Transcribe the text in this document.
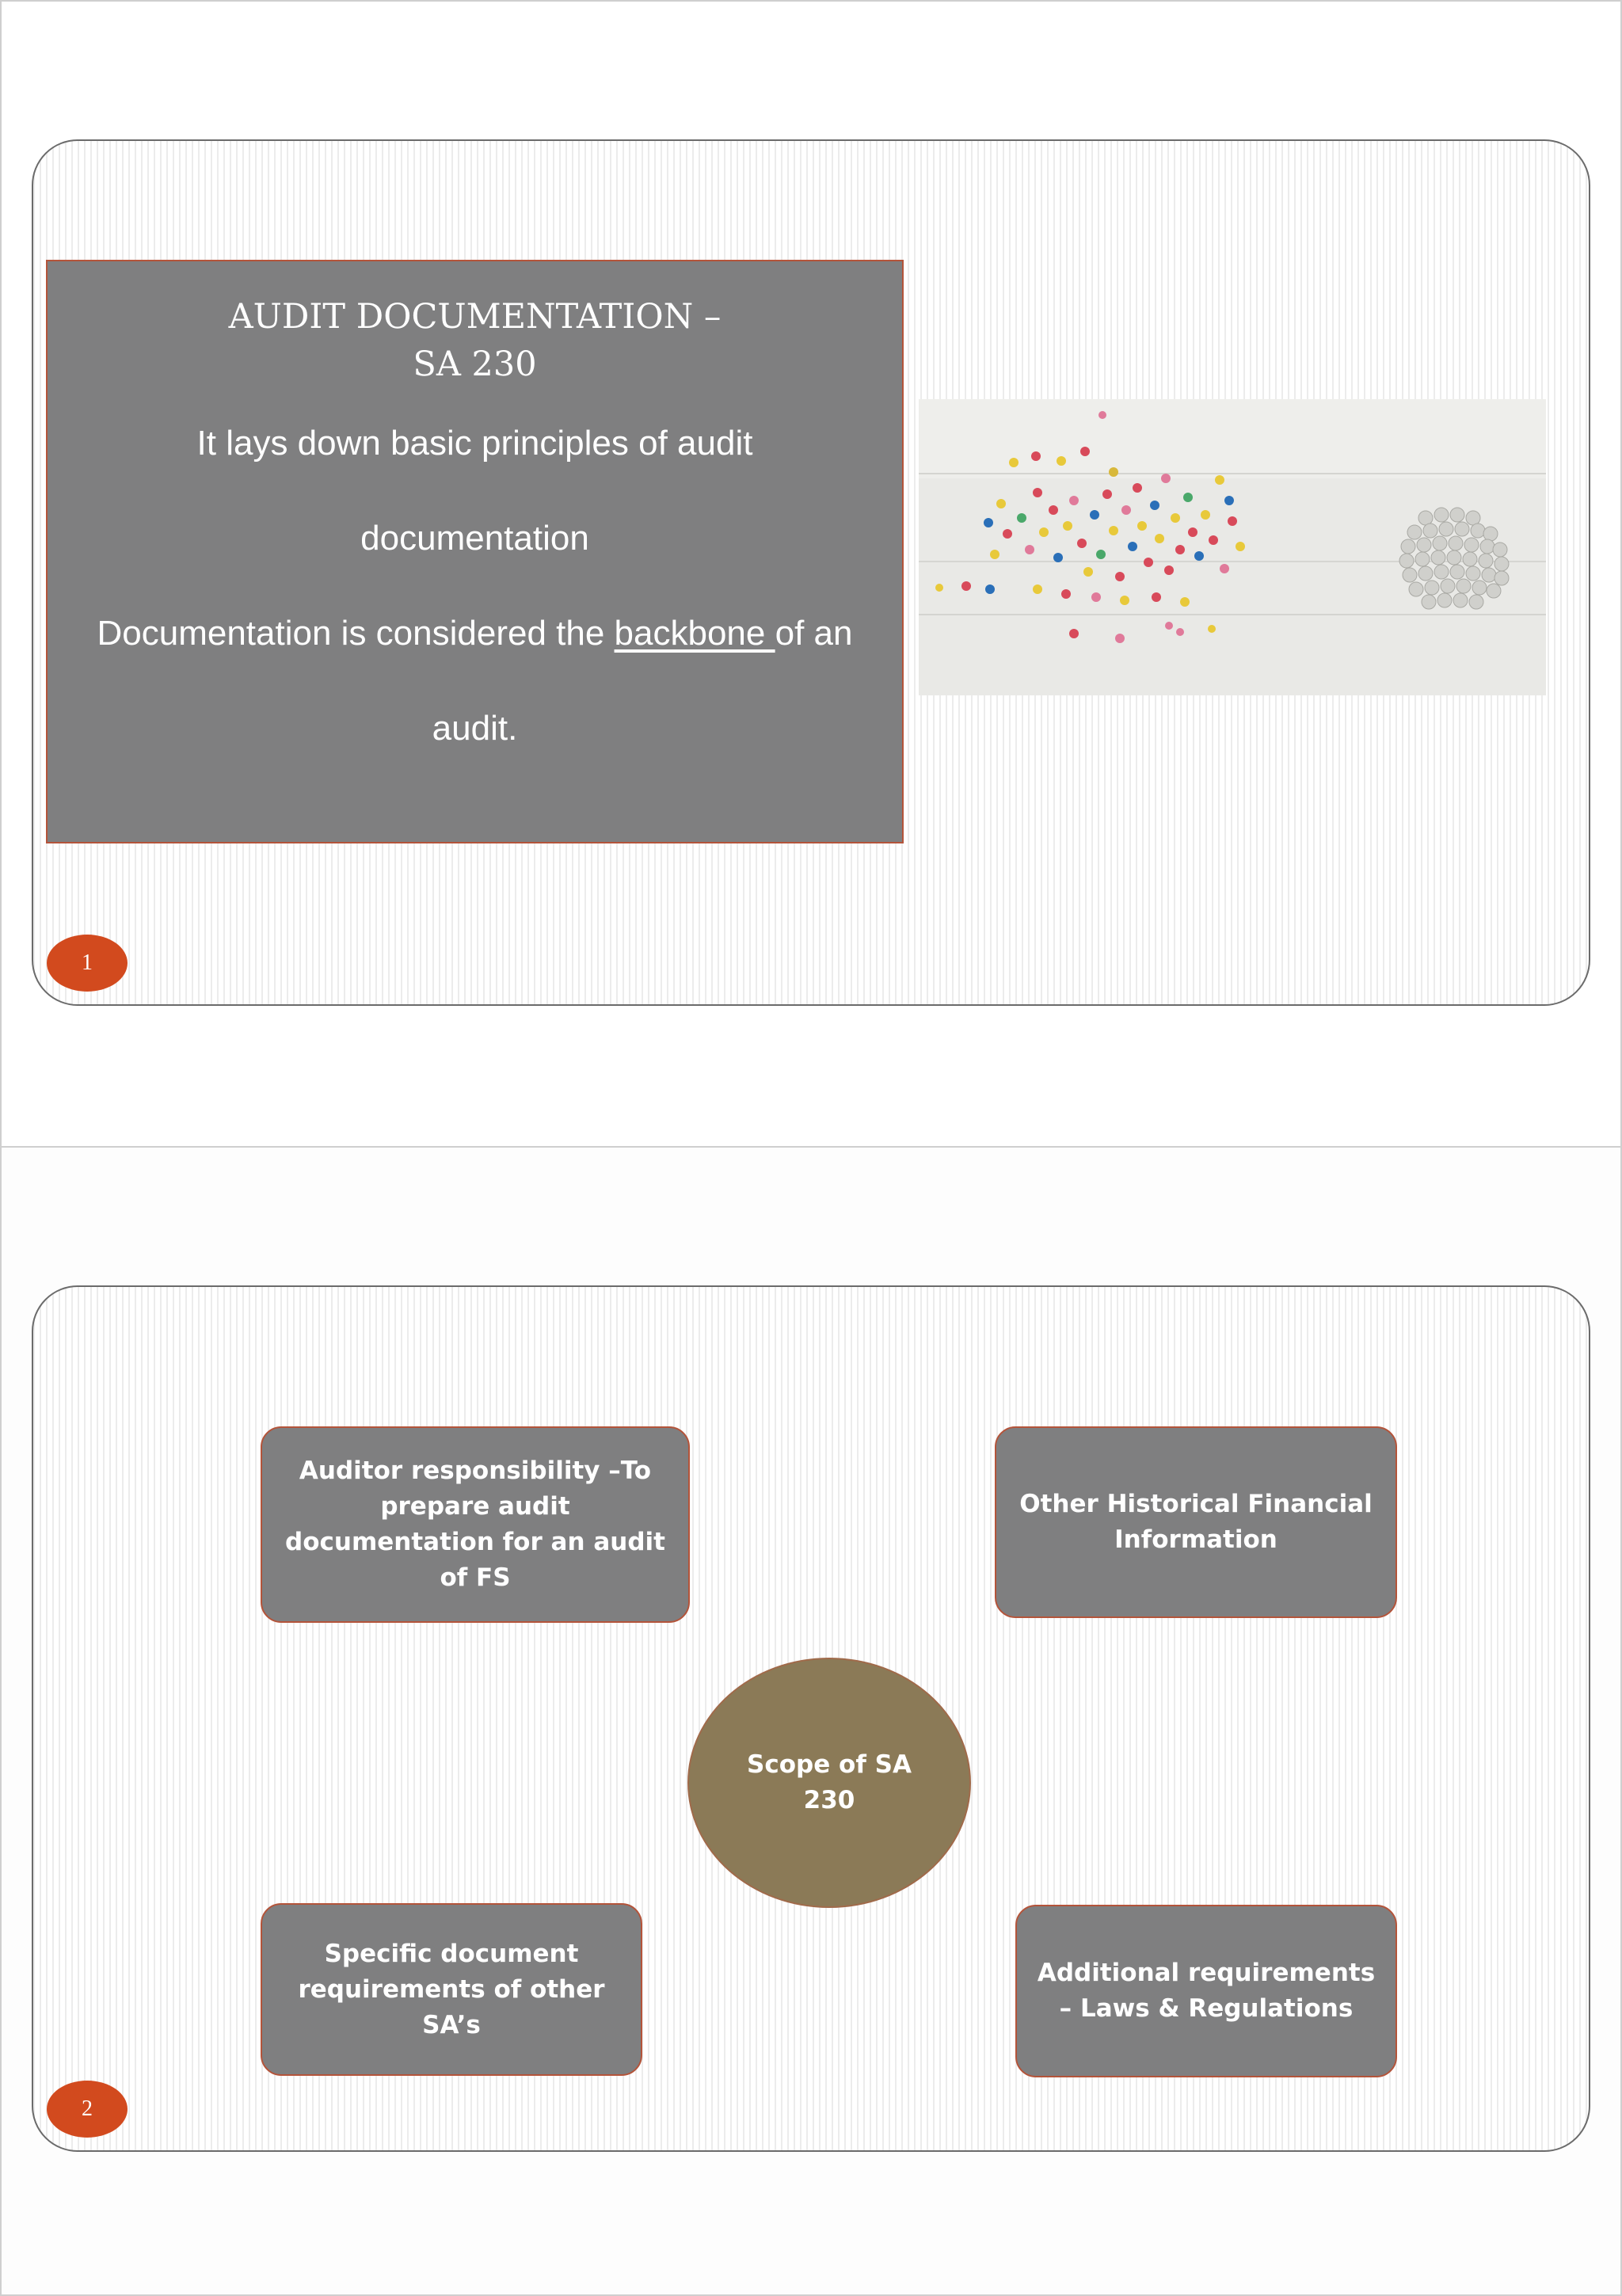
AUDIT DOCUMENTATION –
SA 230
It lays down basic principles of audit
documentation
Documentation is considered the backbone of an
audit.
1
Auditor responsibility –To prepare audit documentation for an audit of FS
Other Historical Financial Information
Scope of SA 230
Specific document requirements of other SA’s
Additional requirements – Laws & Regulations
2
